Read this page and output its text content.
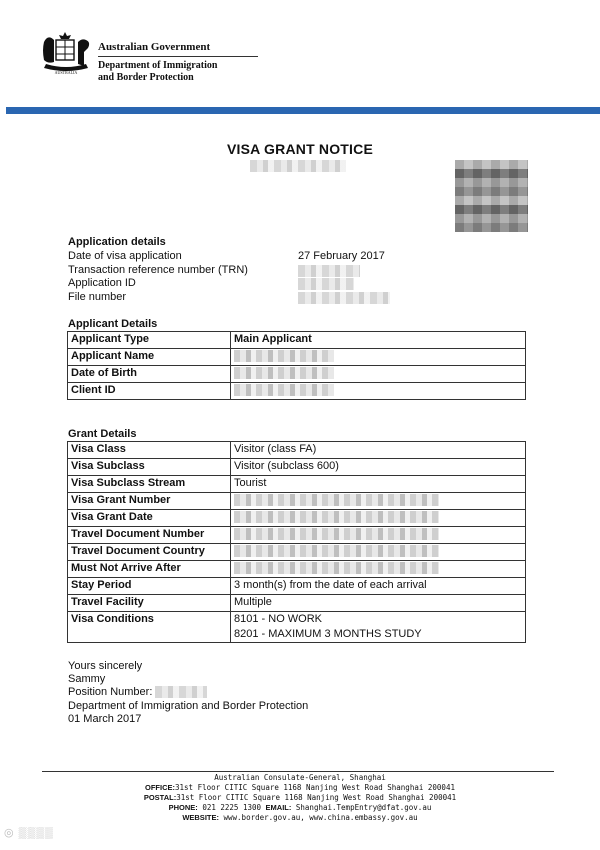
AUSTRALIA
Australian Government
Department of Immigration
and Border Protection
VISA GRANT NOTICE
Application details
Date of visa application	27 February 2017
Transaction reference number (TRN)
Application ID
File number
Applicant Details
Applicant Type	Main Applicant
Applicant Name	
Date of Birth	
Client ID	
Grant Details
Visa Class	Visitor (class FA)
Visa Subclass	Visitor (subclass 600)
Visa Subclass Stream	Tourist
Visa Grant Number	
Visa Grant Date	
Travel Document Number	
Travel Document Country	
Must Not Arrive After	
Stay Period	3 month(s) from the date of each arrival
Travel Facility	Multiple
Visa Conditions	8101 - NO WORK
8201 - MAXIMUM 3 MONTHS STUDY
Yours sincerely
Sammy
Position Number:
Department of Immigration and Border Protection
01 March 2017
Australian Consulate-General, Shanghai
OFFICE:31st Floor CITIC Square 1168 Nanjing West Road Shanghai 200041
POSTAL:31st Floor CITIC Square 1168 Nanjing West Road Shanghai 200041
PHONE: 021 2225 1300 EMAIL: Shanghai.TempEntry@dfat.gov.au
WEBSITE: www.border.gov.au, www.china.embassy.gov.au
◎ ▒▒▒▒
